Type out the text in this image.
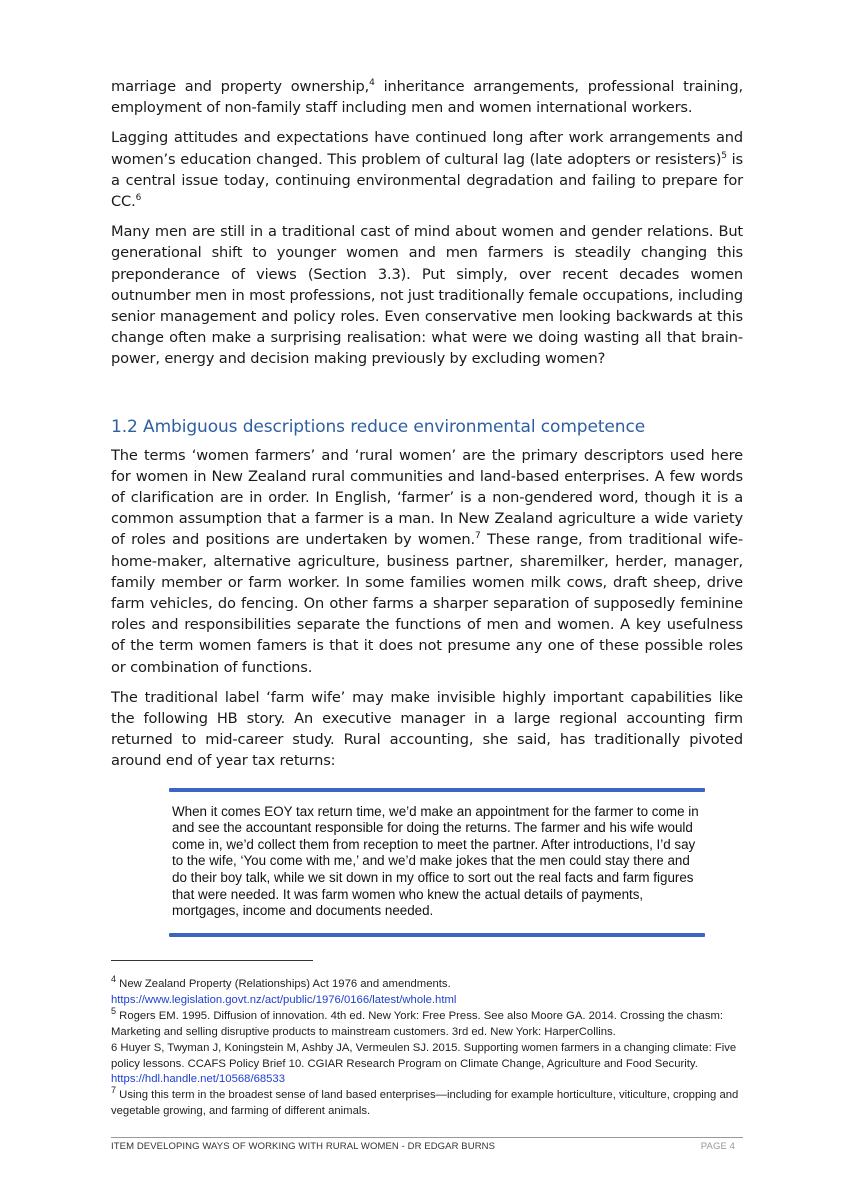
marriage and property ownership,$^4$ inheritance arrangements, professional training, employment of non-family staff including men and women international workers.

Lagging attitudes and expectations have continued long after work arrangements and women’s education changed. This problem of cultural lag (late adopters or resisters)$^5$ is a central issue today, continuing environmental degradation and failing to prepare for CC.$^6$

Many men are still in a traditional cast of mind about women and gender relations. But generational shift to younger women and men farmers is steadily changing this preponderance of views (Section 3.3). Put simply, over recent decades women outnumber men in most professions, not just traditionally female occupations, including senior management and policy roles. Even conservative men looking backwards at this change often make a surprising realisation: what were we doing wasting all that brain-power, energy and decision making previously by excluding women?

1.2 Ambiguous descriptions reduce environmental competence

The terms ‘women farmers’ and ‘rural women’ are the primary descriptors used here for women in New Zealand rural communities and land-based enterprises. A few words of clarification are in order. In English, ‘farmer’ is a non-gendered word, though it is a common assumption that a farmer is a man. In New Zealand agriculture a wide variety of roles and positions are undertaken by women.$^7$ These range, from traditional wife-home-maker, alternative agriculture, business partner, sharemilker, herder, manager, family member or farm worker. In some families women milk cows, draft sheep, drive farm vehicles, do fencing. On other farms a sharper separation of supposedly feminine roles and responsibilities separate the functions of men and women. A key usefulness of the term women famers is that it does not presume any one of these possible roles or combination of functions.

The traditional label ‘farm wife’ may make invisible highly important capabilities like the following HB story. An executive manager in a large regional accounting firm returned to mid-career study. Rural accounting, she said, has traditionally pivoted around end of year tax returns:

When it comes EOY tax return time, we’d make an appointment for the farmer to come in and see the accountant responsible for doing the returns. The farmer and his wife would come in, we’d collect them from reception to meet the partner. After introductions, I’d say to the wife, ‘You come with me,’ and we’d make jokes that the men could stay there and do their boy talk, while we sit down in my office to sort out the real facts and farm figures that were needed. It was farm women who knew the actual details of payments, mortgages, income and documents needed.
$^4$ New Zealand Property (Relationships) Act 1976 and amendments.
https://www.legislation.govt.nz/act/public/1976/0166/latest/whole.html
$^5$ Rogers EM. 1995. Diffusion of innovation. 4th ed. New York: Free Press. See also Moore GA. 2014. Crossing the chasm: Marketing and selling disruptive products to mainstream customers. 3rd ed. New York: HarperCollins.
6 Huyer S, Twyman J, Koningstein M, Ashby JA, Vermeulen SJ. 2015. Supporting women farmers in a changing climate: Five policy lessons. CCAFS Policy Brief 10. CGIAR Research Program on Climate Change, Agriculture and Food Security.
https://hdl.handle.net/10568/68533
$^7$ Using this term in the broadest sense of land based enterprises—including for example horticulture, viticulture, cropping and vegetable growing, and farming of different animals.
ITEM DEVELOPING WAYS OF WORKING WITH RURAL WOMEN - DR EDGAR BURNS	PAGE 4
